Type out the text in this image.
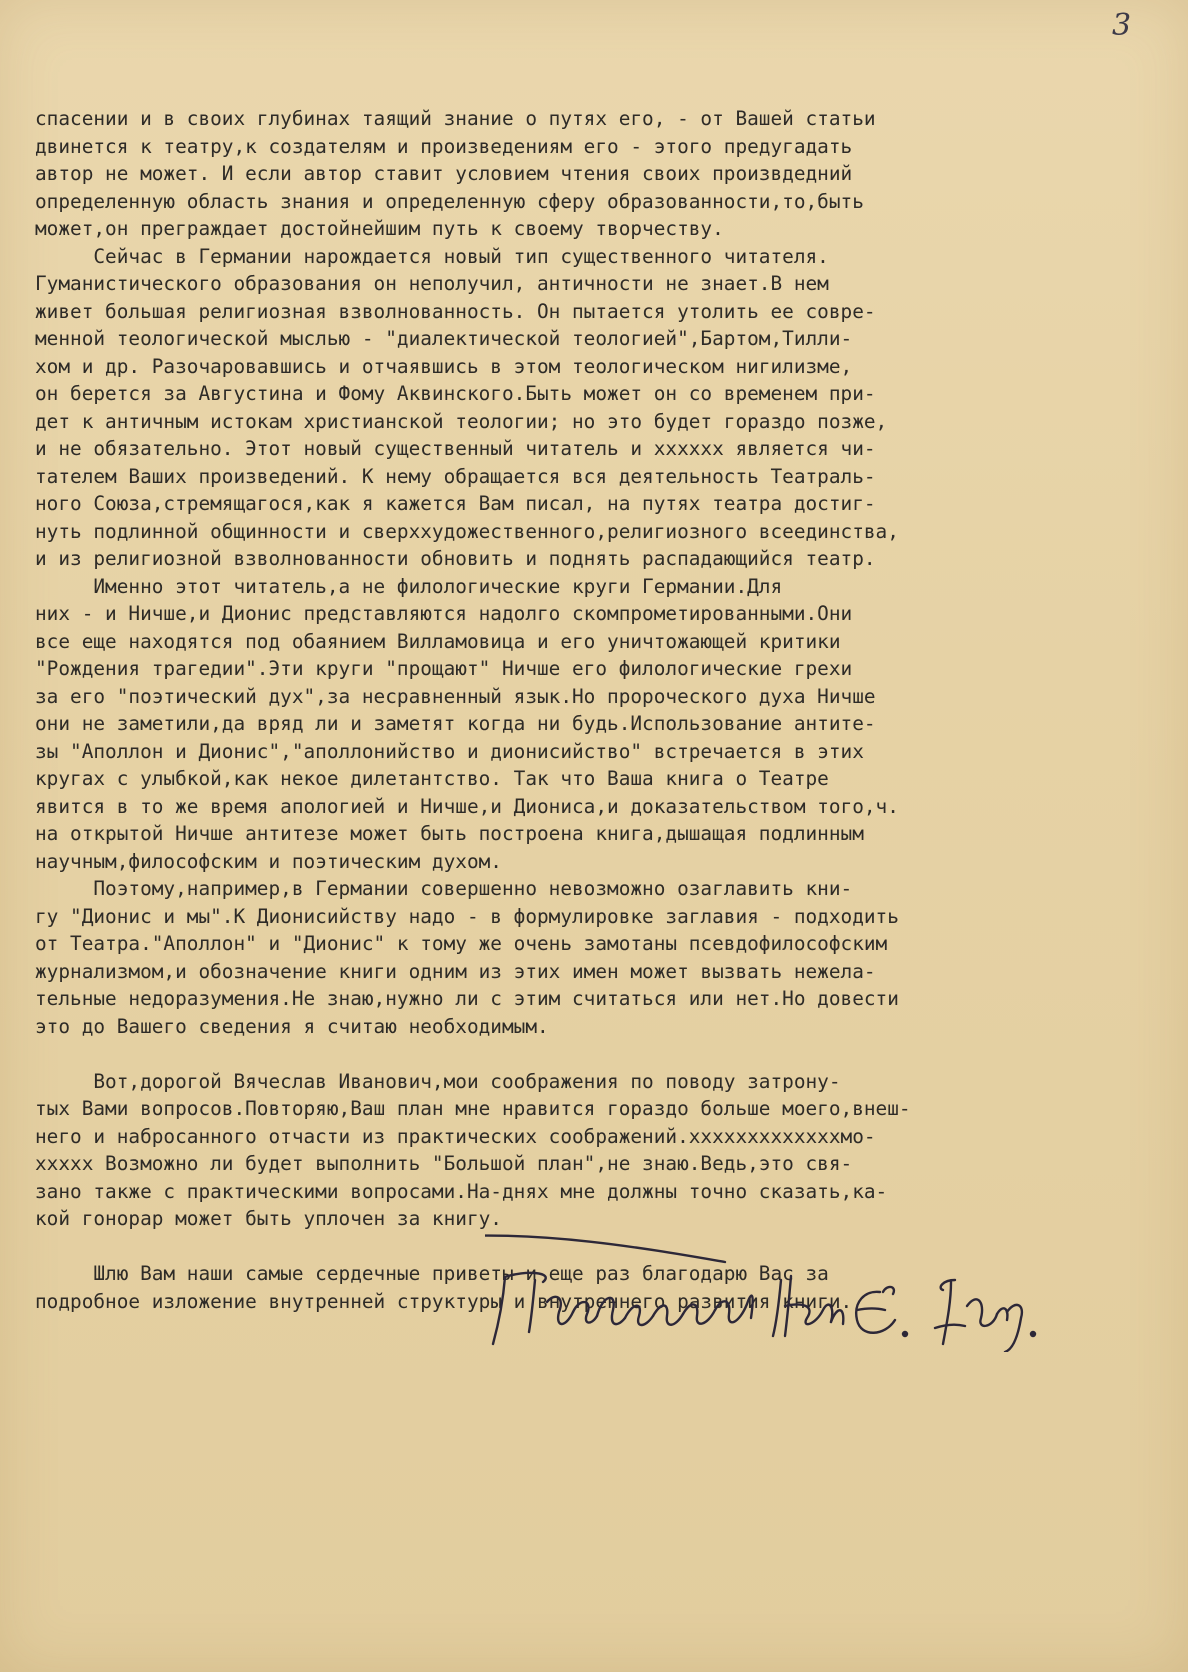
3

спасении и в своих глубинах таящий знание о путях его, - от Вашей статьи
двинется к театру,к создателям и произведениям его - этого предугадать
автор не может. И если автор ставит условием чтения своих произвдедний
определенную область знания и определенную сферу образованности,то,быть
может,он преграждает достойнейшим путь к своему творчеству.
Сейчас в Германии нарождается новый тип существенного читателя.
Гуманистического образования он неполучил, античности не знает.В нем
живет большая религиозная взволнованность. Он пытается утолить ее совре-
менной теологической мыслью - "диалектической теологией",Бартом,Тилли-
хом и др. Разочаровавшись и отчаявшись в этом теологическом нигилизме,
он берется за Августина и Фому Аквинского.Быть может он со временем при-
дет к античным истокам христианской теологии; но это будет гораздо позже,
и не обязательно. Этот новый существенный читатель и хххххх является чи-
тателем Ваших произведений. К нему обращается вся деятельность Театраль-
ного Союза,стремящагося,как я кажется Вам писал, на путях театра достиг-
нуть подлинной общинности и сверххудожественного,религиозного всеединства,
и из религиозной взволнованности обновить и поднять распадающийся театр.
Именно этот читатель,а не филологические круги Германии.Для
них - и Ничше,и Дионис представляются надолго скомпрометированными.Они
все еще находятся под обаянием Вилламовица и его уничтожающей критики
"Рождения трагедии".Эти круги "прощают" Ничше его филологические грехи
за его "поэтический дух",за несравненный язык.Но пророческого духа Ничше
они не заметили,да вряд ли и заметят когда ни будь.Использование антите-
зы "Аполлон и Дионис","аполлонийство и дионисийство" встречается в этих
кругах с улыбкой,как некое дилетантство. Так что Ваша книга о Театре
явится в то же время апологией и Ничше,и Диониса,и доказательством того,ч.
на открытой Ничше антитезе может быть построена книга,дышащая подлинным
научным,философским и поэтическим духом.
Поэтому,например,в Германии совершенно невозможно озаглавить кни-
гу "Дионис и мы".К Дионисийству надо - в формулировке заглавия - подходить
от Театра."Аполлон" и "Дионис" к тому же очень замотаны псевдофилософским
журнализмом,и обозначение книги одним из этих имен может вызвать нежела-
тельные недоразумения.Не знаю,нужно ли с этим считаться или нет.Но довести
это до Вашего сведения я считаю необходимым.
Вот,дорогой Вячеслав Иванович,мои соображения по поводу затрону-
тых Вами вопросов.Повторяю,Ваш план мне нравится гораздо больше моего,внеш-
него и набросанного отчасти из практических соображений.хххххххххххххмо-
ххххх Возможно ли будет выполнить "Большой план",не знаю.Ведь,это свя-
зано также с практическими вопросами.На-днях мне должны точно сказать,ка-
кой гонорар может быть уплочен за книгу.
Шлю Вам наши самые сердечные приветы и еще раз благодарю Вас за
подробное изложение внутренней структуры и внутреннего развития книги.
